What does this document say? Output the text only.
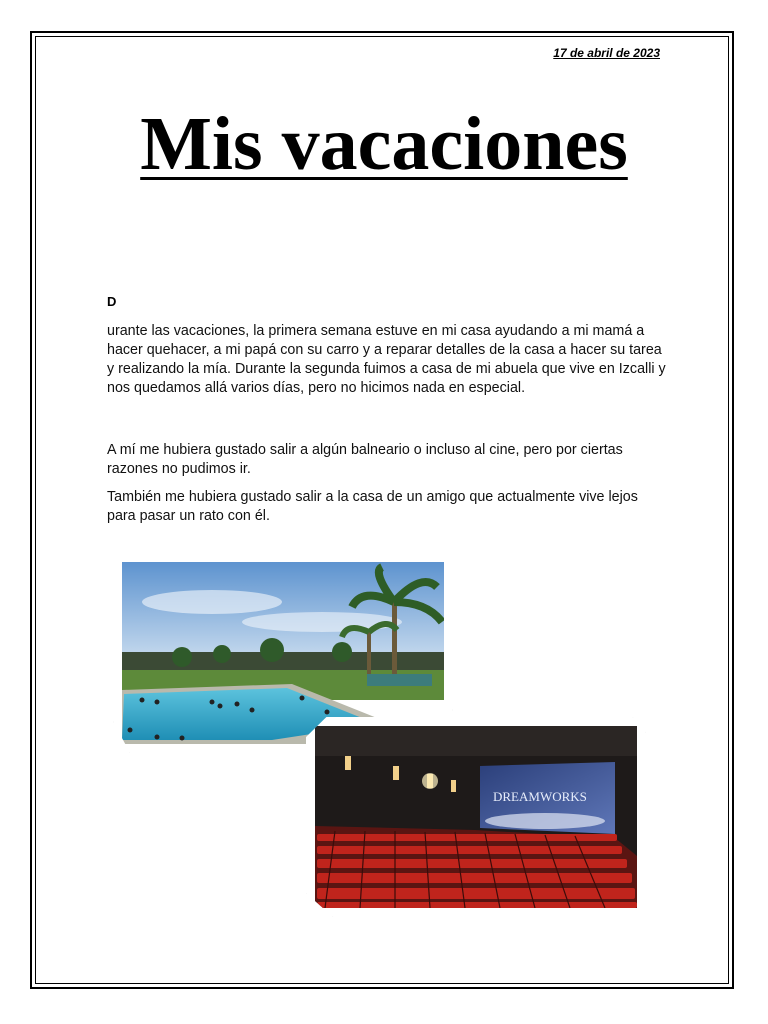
17 de abril de 2023
Mis vacaciones
D

urante las vacaciones, la primera semana estuve en mi casa ayudando a mi mamá a hacer quehacer, a mi papá con su carro y a reparar detalles de la casa a hacer su tarea y realizando la mía. Durante la segunda fuimos a casa de mi abuela que vive en Izcalli y nos quedamos allá varios días, pero no hicimos nada en especial.

A mí me hubiera gustado salir a algún balneario o incluso al cine, pero por ciertas razones no pudimos ir.

También me hubiera gustado salir a la casa de un amigo que actualmente vive lejos para pasar un rato con él.

DREAMWORKS
